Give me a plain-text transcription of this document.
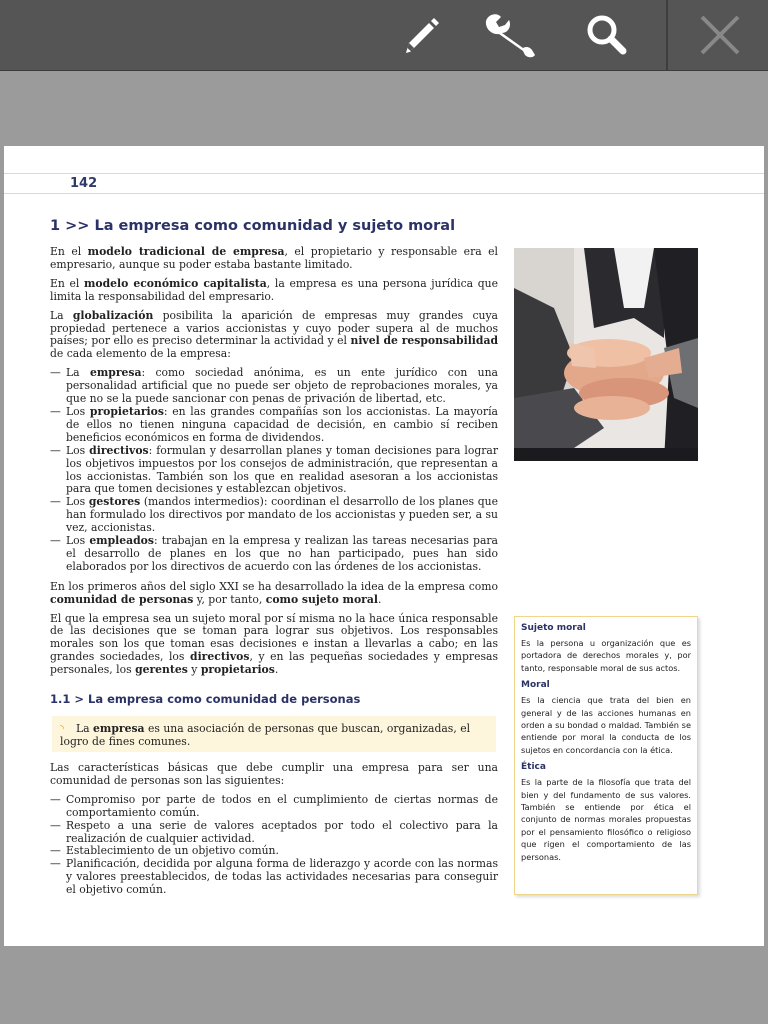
142
1 >> La empresa como comunidad y sujeto moral

En el modelo tradicional de empresa, el propietario y responsable era el empresario, aunque su poder estaba bastante limitado.

En el modelo económico capitalista, la empresa es una persona jurídica que limita la responsabilidad del empresario.

La globalización posibilita la aparición de empresas muy grandes cuya propiedad pertenece a varios accionistas y cuyo poder supera al de muchos países; por ello es preciso determinar la actividad y el nivel de responsabilidad de cada elemento de la empresa:

— La empresa: como sociedad anónima, es un ente jurídico con una personalidad artificial que no puede ser objeto de reprobaciones morales, ya que no se la puede sancionar con penas de privación de libertad, etc.
— Los propietarios: en las grandes compañías son los accionistas. La mayoría de ellos no tienen ninguna capacidad de decisión, en cambio sí reciben beneficios económicos en forma de dividendos.
— Los directivos: formulan y desarrollan planes y toman decisiones para lograr los objetivos impuestos por los consejos de administración, que representan a los accionistas. También son los que en realidad asesoran a los accionistas para que tomen decisiones y establezcan objetivos.
— Los gestores (mandos intermedios): coordinan el desarrollo de los planes que han formulado los directivos por mandato de los accionistas y pueden ser, a su vez, accionistas.
— Los empleados: trabajan en la empresa y realizan las tareas necesarias para el desarrollo de planes en los que no han participado, pues han sido elaborados por los directivos de acuerdo con las órdenes de los accionistas.

En los primeros años del siglo XXI se ha desarrollado la idea de la empresa como comunidad de personas y, por tanto, como sujeto moral.

El que la empresa sea un sujeto moral por sí misma no la hace única responsable de las decisiones que se toman para lograr sus objetivos. Los responsables morales son los que toman esas decisiones e instan a llevarlas a cabo; en las grandes sociedades, los directivos, y en las pequeñas sociedades y empresas personales, los gerentes y propietarios.

1.1 > La empresa como comunidad de personas
◝ La empresa es una asociación de personas que buscan, organizadas, el logro de fines comunes.

Las características básicas que debe cumplir una empresa para ser una comunidad de personas son las siguientes:

— Compromiso por parte de todos en el cumplimiento de ciertas normas de comportamiento común.
— Respeto a una serie de valores aceptados por todo el colectivo para la realización de cualquier actividad.
— Establecimiento de un objetivo común.
— Planificación, decidida por alguna forma de liderazgo y acorde con las normas y valores preestablecidos, de todas las actividades necesarias para conseguir el objetivo común.
Sujeto moral
Es la persona u organización que es portadora de derechos morales y, por tanto, responsable moral de sus actos.
Moral
Es la ciencia que trata del bien en general y de las acciones humanas en orden a su bondad o maldad. También se entiende por moral la conducta de los sujetos en concordancia con la ética.
Ética
Es la parte de la filosofía que trata del bien y del fundamento de sus valores. También se entiende por ética el conjunto de normas morales propuestas por el pensamiento filosófico o religioso que rigen el comportamiento de las personas.
